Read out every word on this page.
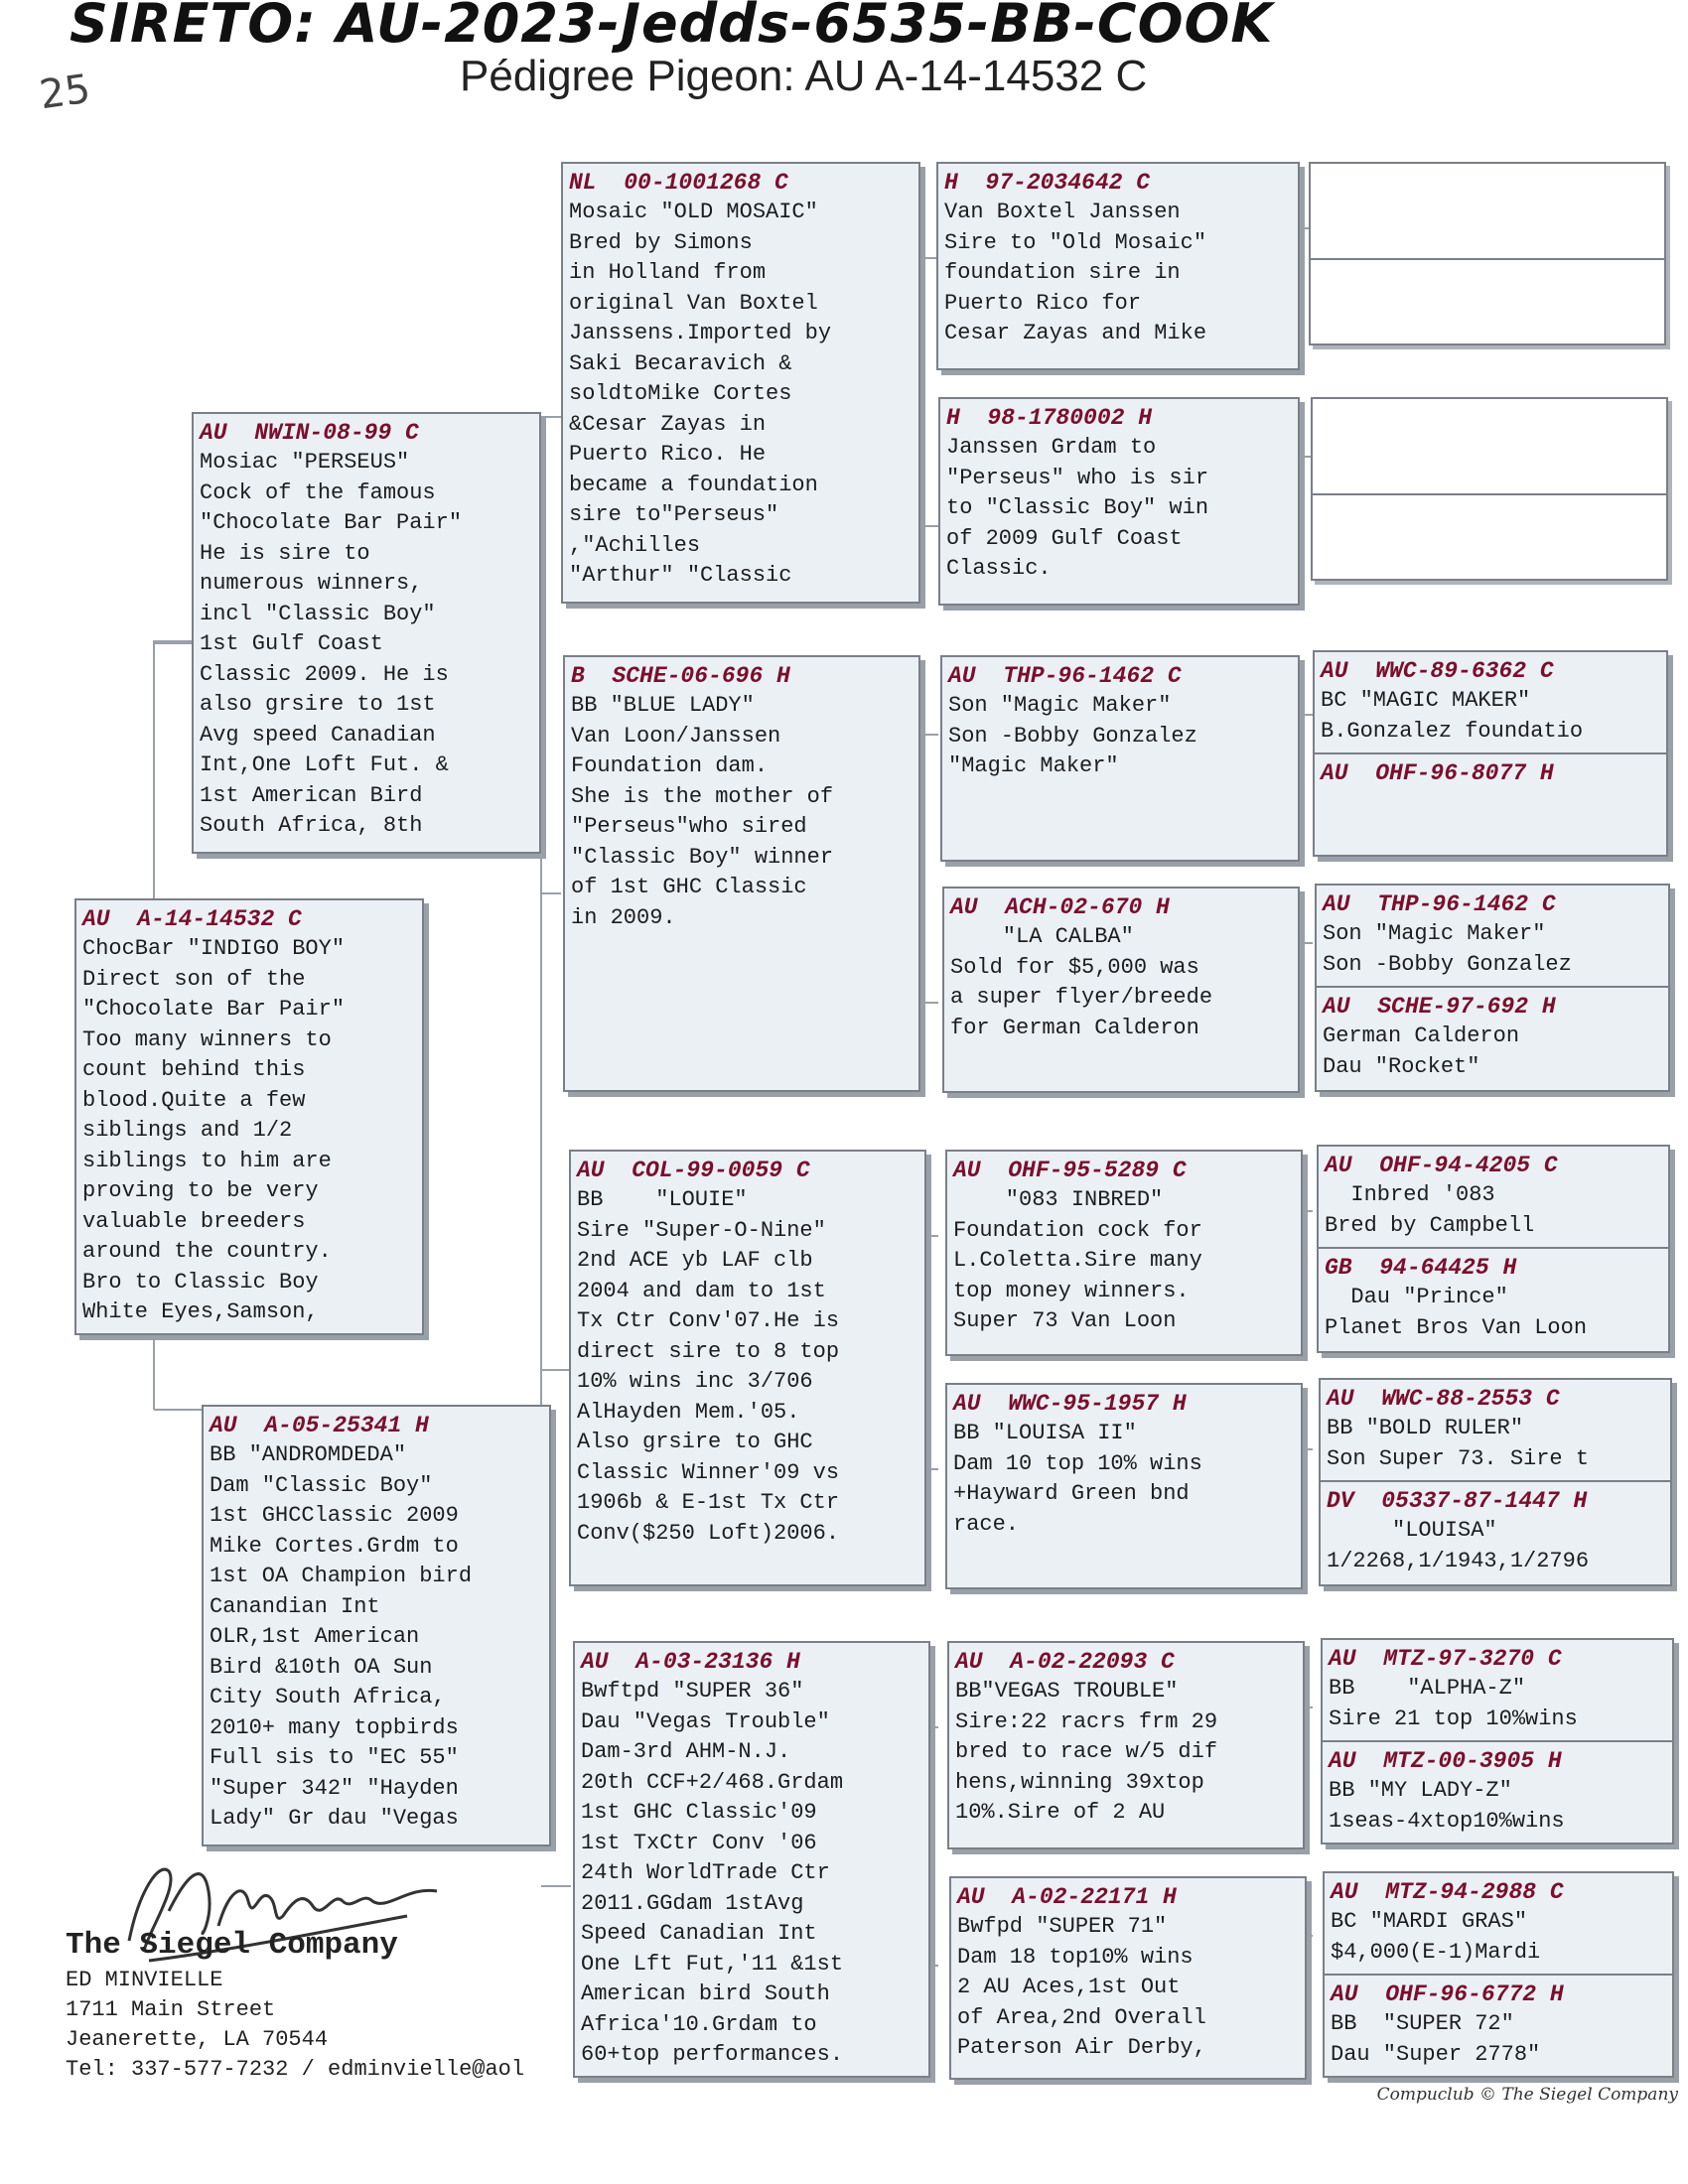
SIRETO: AU-2023-Jedds-6535-BB-COOK
25	Pédigree Pigeon: AU A-14-14532 C
AU A-14-14532 C
ChocBar "INDIGO BOY"
Direct son of the
"Chocolate Bar Pair"
Too many winners to
count behind this
blood.Quite a few
siblings and 1/2
siblings to him are
proving to be very
valuable breeders
around the country.
Bro to Classic Boy
White Eyes,Samson,
AU NWIN-08-99 C
Mosiac "PERSEUS"
Cock of the famous
"Chocolate Bar Pair"
He is sire to
numerous winners,
incl "Classic Boy"
1st Gulf Coast
Classic 2009. He is
also grsire to 1st
Avg speed Canadian
Int,One Loft Fut. &
1st American Bird
South Africa, 8th
AU A-05-25341 H
BB "ANDROMDEDA"
Dam "Classic Boy"
1st GHCClassic 2009
Mike Cortes.Grdm to
1st OA Champion bird
Canandian Int
OLR,1st American
Bird &10th OA Sun
City South Africa,
2010+ many topbirds
Full sis to "EC 55"
"Super 342" "Hayden
Lady" Gr dau "Vegas
NL 00-1001268 C
Mosaic "OLD MOSAIC"
Bred by Simons
in Holland from
original Van Boxtel
Janssens.Imported by
Saki Becaravich &
soldtoMike Cortes
&Cesar Zayas in
Puerto Rico. He
became a foundation
sire to"Perseus"
,"Achilles
"Arthur" "Classic
B SCHE-06-696 H
BB "BLUE LADY"
Van Loon/Janssen
Foundation dam.
She is the mother of
"Perseus"who sired
"Classic Boy" winner
of 1st GHC Classic
in 2009.
AU COL-99-0059 C
BB    "LOUIE"
Sire "Super-O-Nine"
2nd ACE yb LAF clb
2004 and dam to 1st
Tx Ctr Conv'07.He is
direct sire to 8 top
10% wins inc 3/706
AlHayden Mem.'05.
Also grsire to GHC
Classic Winner'09 vs
1906b & E-1st Tx Ctr
Conv($250 Loft)2006.
AU A-03-23136 H
Bwftpd "SUPER 36"
Dau "Vegas Trouble"
Dam-3rd AHM-N.J.
20th CCF+2/468.Grdam
1st GHC Classic'09
1st TxCtr Conv '06
24th WorldTrade Ctr
2011.GGdam 1stAvg
Speed Canadian Int
One Lft Fut,'11 &1st
American bird South
Africa'10.Grdam to
60+top performances.
H 97-2034642 C
Van Boxtel Janssen
Sire to "Old Mosaic"
foundation sire in
Puerto Rico for
Cesar Zayas and Mike
H 98-1780002 H
Janssen Grdam to
"Perseus" who is sir
to "Classic Boy" win
of 2009 Gulf Coast
Classic.
AU THP-96-1462 C
Son "Magic Maker"
Son -Bobby Gonzalez
"Magic Maker"
AU ACH-02-670 H
"LA CALBA"
Sold for $5,000 was
a super flyer/breede
for German Calderon
AU OHF-95-5289 C
"083 INBRED"
Foundation cock for
L.Coletta.Sire many
top money winners.
Super 73 Van Loon
AU WWC-95-1957 H
BB "LOUISA II"
Dam 10 top 10% wins
+Hayward Green bnd
race.
AU A-02-22093 C
BB"VEGAS TROUBLE"
Sire:22 racrs frm 29
bred to race w/5 dif
hens,winning 39xtop
10%.Sire of 2 AU
AU A-02-22171 H
Bwfpd "SUPER 71"
Dam 18 top10% wins
2 AU Aces,1st Out
of Area,2nd Overall
Paterson Air Derby,
AU WWC-89-6362 C
BC "MAGIC MAKER"
B.Gonzalez foundatio
AU OHF-96-8077 H
AU THP-96-1462 C
Son "Magic Maker"
Son -Bobby Gonzalez
AU SCHE-97-692 H
German Calderon
Dau "Rocket"
AU OHF-94-4205 C
Inbred '083
Bred by Campbell
GB 94-64425 H
Dau "Prince"
Planet Bros Van Loon
AU WWC-88-2553 C
BB "BOLD RULER"
Son Super 73. Sire t
DV 05337-87-1447 H
"LOUISA"
1/2268,1/1943,1/2796
AU MTZ-97-3270 C
BB    "ALPHA-Z"
Sire 21 top 10%wins
AU MTZ-00-3905 H
BB "MY LADY-Z"
1seas-4xtop10%wins
AU MTZ-94-2988 C
BC "MARDI GRAS"
$4,000(E-1)Mardi
AU OHF-96-6772 H
BB  "SUPER 72"
Dau "Super 2778"
The Siegel Company
ED MINVIELLE
1711 Main Street
Jeanerette, LA 70544
Tel: 337-577-7232 / edminvielle@aol
Compuclub © The Siegel Company
